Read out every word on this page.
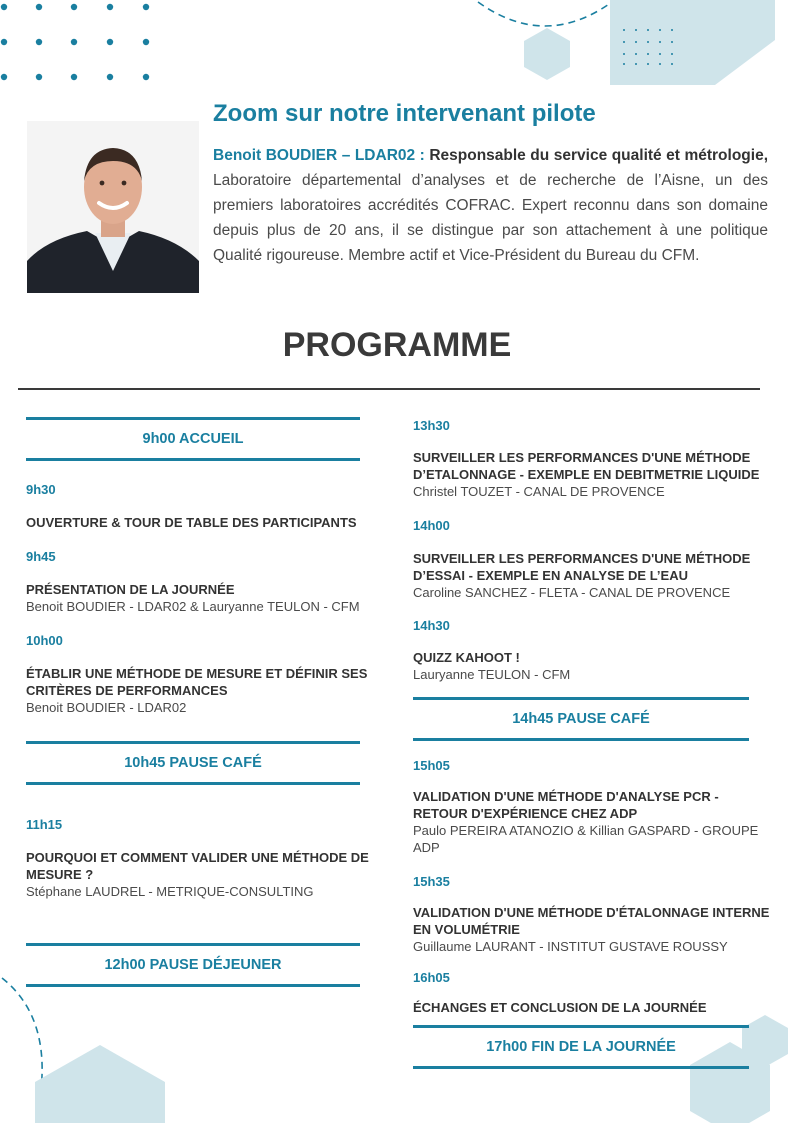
Zoom sur notre intervenant pilote

Benoit BOUDIER – LDAR02 : Responsable du service qualité et métrologie, Laboratoire départemental d’analyses et de recherche de l’Aisne, un des premiers laboratoires accrédités COFRAC. Expert reconnu dans son domaine depuis plus de 20 ans, il se distingue par son attachement à une politique Qualité rigoureuse. Membre actif et Vice-Président du Bureau du CFM.

PROGRAMME
9h00 ACCUEIL

9h30

OUVERTURE & TOUR DE TABLE DES PARTICIPANTS

9h45

PRÉSENTATION DE LA JOURNÉE

Benoit BOUDIER - LDAR02 & Lauryanne TEULON - CFM

10h00

ÉTABLIR UNE MÉTHODE DE MESURE ET DÉFINIR SES CRITÈRES DE PERFORMANCES

Benoit BOUDIER - LDAR02

10h45 PAUSE CAFÉ

11h15

POURQUOI ET COMMENT VALIDER UNE MÉTHODE DE MESURE ?

Stéphane LAUDREL - METRIQUE-CONSULTING

12h00 PAUSE DÉJEUNER

13h30

SURVEILLER LES PERFORMANCES D'UNE MÉTHODE D’ETALONNAGE - EXEMPLE EN DEBITMETRIE LIQUIDE

Christel TOUZET - CANAL DE PROVENCE

14h00

SURVEILLER LES PERFORMANCES D'UNE MÉTHODE D’ESSAI - EXEMPLE EN ANALYSE DE L’EAU

Caroline SANCHEZ - FLETA - CANAL DE PROVENCE

14h30

QUIZZ KAHOOT !

Lauryanne TEULON - CFM

14h45 PAUSE CAFÉ

15h05

VALIDATION D'UNE MÉTHODE D'ANALYSE PCR - RETOUR D'EXPÉRIENCE CHEZ ADP

Paulo PEREIRA ATANOZIO & Killian GASPARD - GROUPE ADP

15h35

VALIDATION D'UNE MÉTHODE D'ÉTALONNAGE INTERNE EN VOLUMÉTRIE

Guillaume LAURANT - INSTITUT GUSTAVE ROUSSY

16h05

ÉCHANGES ET CONCLUSION DE LA JOURNÉE

17h00 FIN DE LA JOURNÉE
